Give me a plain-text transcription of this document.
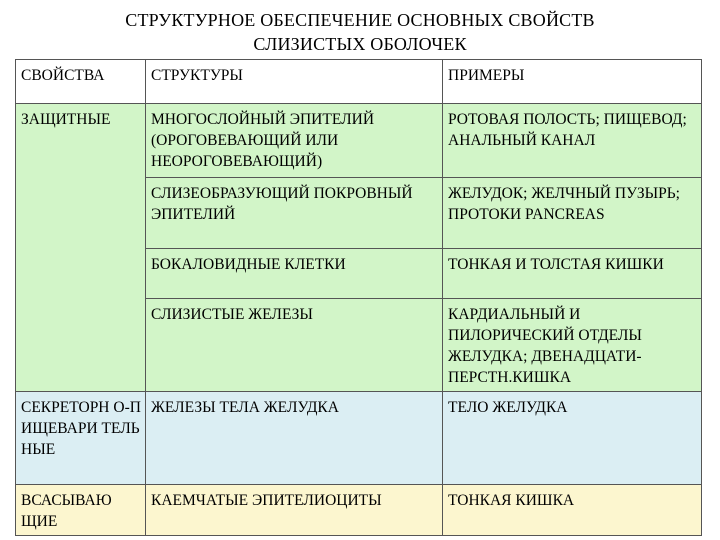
СТРУКТУРНОЕ ОБЕСПЕЧЕНИЕ ОСНОВНЫХ СВОЙСТВ
СЛИЗИСТЫХ ОБОЛОЧЕК
СВОЙСТВА	СТРУКТУРЫ	ПРИМЕРЫ
ЗАЩИТНЫЕ	МНОГОСЛОЙНЫЙ ЭПИТЕЛИЙ (ОРОГОВЕВАЮЩИЙ ИЛИ НЕОРОГОВЕВАЮЩИЙ)	РОТОВАЯ ПОЛОСТЬ; ПИЩЕВОД; АНАЛЬНЫЙ КАНАЛ
	СЛИЗЕОБРАЗУЮЩИЙ ПОКРОВНЫЙ ЭПИТЕЛИЙ	ЖЕЛУДОК; ЖЕЛЧНЫЙ ПУЗЫРЬ; ПРОТОКИ PANCREAS
	БОКАЛОВИДНЫЕ КЛЕТКИ	ТОНКАЯ И ТОЛСТАЯ КИШКИ
	СЛИЗИСТЫЕ ЖЕЛЕЗЫ	КАРДИАЛЬНЫЙ И ПИЛОРИЧЕСКИЙ ОТДЕЛЫ ЖЕЛУДКА; ДВЕНАДЦАТИ-ПЕРСТН.КИШКА
СЕКРЕТОРН О-ПИЩЕВАРИ ТЕЛЬНЫЕ	ЖЕЛЕЗЫ ТЕЛА ЖЕЛУДКА	ТЕЛО ЖЕЛУДКА
ВСАСЫВАЮ ЩИЕ	КАЕМЧАТЫЕ ЭПИТЕЛИОЦИТЫ	ТОНКАЯ КИШКА
